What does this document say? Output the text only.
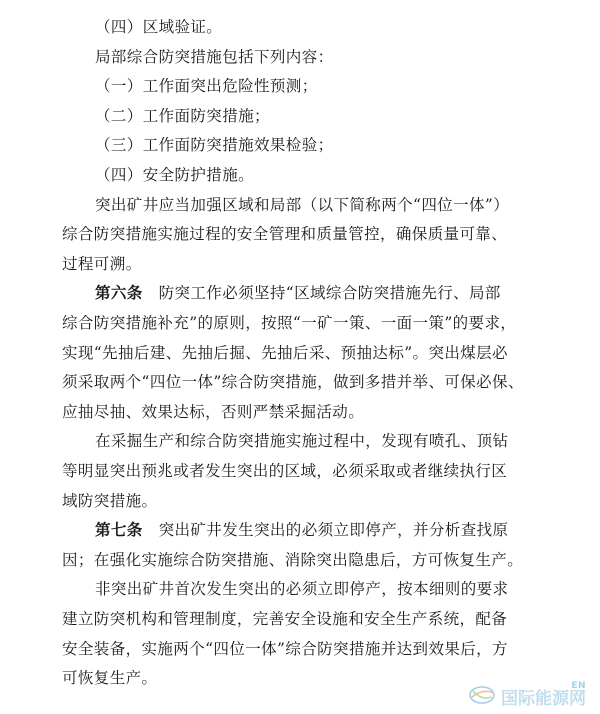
（四）区域验证。
局部综合防突措施包括下列内容：
（一）工作面突出危险性预测；
（二）工作面防突措施；
（三）工作面防突措施效果检验；
（四）安全防护措施。
突出矿井应当加强区域和局部（以下简称两个“四位一体”）
综合防突措施实施过程的安全管理和质量管控，确保质量可靠、
过程可溯。
第六条　防突工作必须坚持“区域综合防突措施先行、局部
综合防突措施补充”的原则，按照“一矿一策、一面一策”的要求，
实现“先抽后建、先抽后掘、先抽后采、预抽达标”。突出煤层必
须采取两个“四位一体”综合防突措施，做到多措并举、可保必保、
应抽尽抽、效果达标，否则严禁采掘活动。
在采掘生产和综合防突措施实施过程中，发现有喷孔、顶钻
等明显突出预兆或者发生突出的区域，必须采取或者继续执行区
域防突措施。
第七条　突出矿井发生突出的必须立即停产，并分析查找原
因；在强化实施综合防突措施、消除突出隐患后，方可恢复生产。
非突出矿井首次发生突出的必须立即停产，按本细则的要求
建立防突机构和管理制度，完善安全设施和安全生产系统，配备
安全装备，实施两个“四位一体”综合防突措施并达到效果后，方
可恢复生产。	EN
国际能源网
